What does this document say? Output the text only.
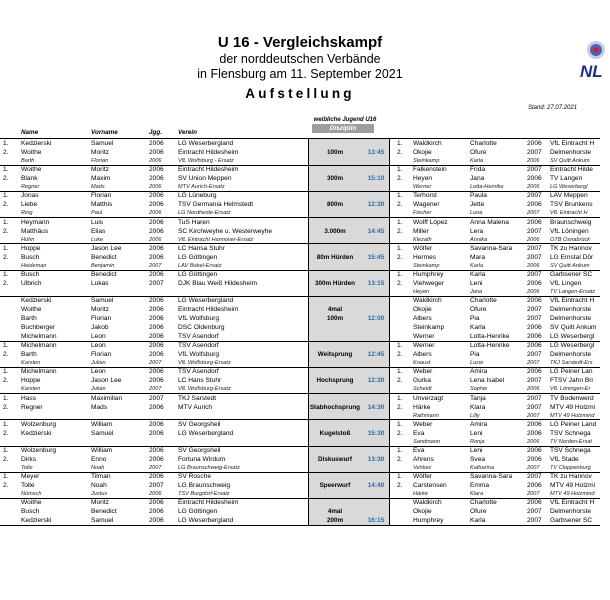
U 16 - Vergleichskampf
der norddeutschen Verbände
in Flensburg am 11. September 2021
Aufstellung
Stand: 27.07.2021
NL
weibliche Jugend U16
Disziplin
Name	Vorname	Jgg.	Verein
1. Kedzierski	Samuel	2006	LG Weserbergland	1. Waldkirch	Charlotte	2006	VfL Eintracht H
2. Woithe	Moritz	2006	Eintracht Hildesheim	2. Okojie	Ofure	2007	Delmenhorste
100m	13:45
Barth	Florian	2006	VfL Wolfsburg - Ersatz	Steinkamp	Karla	2006	SV Quitt Ankum
1. Woithe	Moritz	2006	Eintracht Hildesheim	1. Falkenstein	Frida	2007	Eintracht Hilde
2. Blank	Maxim	2006	SV Union Meppen	2. Heyen	Jana	2006	TV Langen
300m	15:10
Regner	Mads	2006	MTV Aurich-Ersatz	Werner	Lotta-Henrike	2006	LG Weserbergl
1. Jonas	Florian	2006	LG Lüneburg	1. Terhorst	Paula	2007	LAV Meppen
2. Liebe	Matthis	2006	TSV Germania Helmstedt	2. Wagener	Jette	2006	TSV Brunkens
800m	12:30
Ring	Paul	2006	LG Nordheide-Ersatz	Fischer	Luna	2007	VfL Eintracht H
1. Heymann	Luis	2006	TuS Haren	1. Wolff López	Anna Malena	2006	Braunschweig
2. Matthäus	Elias	2006	SC Kirchweyhe u. Westerweyhe	2. Miller	Lera	2007	VfL Löningen
3.000m	14:45
Hühn	Luke	2006	VfL Eintracht Hannover-Ersatz	Klezath	Annika	2006	OTB Osnabrück
1. Hoppe	Jason Lee	2006	LC Hansa Stuhr	1. Wölfer	Savanna-Sara	2007	TK zu Hannov
2. Busch	Benedict	2006	LG Göttingen	2. Hermes	Mara	2007	LG Emstal Dör
80m Hürden	15:45
Heideman	Benjamin	2007	LAV Bokel-Ersatz	Steinkamp	Karla	2006	SV Quitt Ankum
1. Busch	Benedict	2006	LG Göttingen	1. Humphrey	Karla	2007	Garbsener SC
2. Ulbrich	Lukas	2007	DJK Blau Weiß Hildesheim	2. Viehweger	Leni	2006	VfL Lingen
300m Hürden	13:15
Heyen	Jana	2006	TV Langen-Ersatz
Kedzierski	Samuel	2006	LG Weserbergland	Waldkirch	Charlotte	2006	VfL Eintracht H
Woithe	Moritz	2006	Eintracht Hildesheim	Okojie	Ofure	2007	Delmenhorste
4mal
Barth	Florian	2006	VfL Wolfsburg	Albers	Pia	2007	Delmenhorste
100m	12:00
Buchberger	Jakob	2006	DSC Oldenburg	Steinkamp	Karla	2006	SV Quitt Ankum
Michelmann	Leon	2006	TSV Asendorf	Werner	Lotta-Henrike	2006	LG Weserbergl
1. Michelmann	Leon	2006	TSV Asendorf	1. Werner	Lotta-Henrike	2006	LG Weserbergl
2. Barth	Florian	2006	VfL Wolfsburg	2. Albers	Pia	2007	Delmenhorste
Weitsprung	12:45
Karsten	Julian	2007	VfL Wolfsburg-Ersatz	Knaust	Lucie	2007	TKJ Sarstedt-Ers
1. Michelmann	Leon	2006	TSV Asendorf	1. Weber	Amira	2006	LG Peiner Lan
2. Hoppe	Jason Lee	2006	LC Hans Stuhr	2. Gurka	Lena Isabel	2007	FTSV Jahn Bri
Hochsprung	12:30
Karsten	Julian	2007	VfL Wolfsburg-Ersatz	Scheidt	Sophie	2006	VfL Löningen-Er
1. Hass	Maximilian	2007	TKJ Sarstedt	1. Unverzagt	Tanja	2007	TV Bodenwerd
2. Regner	Mads	2006	MTV Aurich	2. Härke	Klara	2007	MTV 49 Holzmi
Stabhochsprung	14:30
Rathmann	Lilly	2007	MTV 49 Holzmind
1. Wolzenburg	William	2006	SV Georgsheil	1. Weber	Amira	2006	LG Peiner Land
2. Kedzierski	Samuel	2006	LG Weserbergland	2. Eva	Leni	2006	TSV Schnega
Kugelstoß	15:30
Sandmann	Ronja	2006	TV Norden-Ersat
1. Wolzenburg	William	2006	SV Georgsheil	1. Eva	Leni	2006	TSV Schnega
2. Dirks	Enno	2006	Fortuna Wirdum	2. Ahrens	Svea	2006	VfL Stade
Diskuswurf	13:30
Tolle	Noah	2007	LG Braunschweig-Ersatz	Vehlow	Katharina	2007	TV Cloppenburg
1. Meyer	Tilman	2006	SV Rosche	1. Wölfer	Savanna-Sara	2007	TK zu Hannov
2. Tolle	Noah	2007	LG Braunschweig	2. Carstensen	Emma	2006	MTV 49 Holzmi
Speerwurf	14:40
Nümsch	Justus	2006	TSV Burgdorf-Ersatz	Härke	Klara	2007	MTV 49 Holzmind
Woithe	Moritz	2006	Eintracht Hildesheim	Waldkirch	Charlotte	2006	VfL Eintracht H
Busch	Benedict	2006	LG Göttingen	Okojie	Ofure	2007	Delmenhorste
4mal
Kedzierski	Samuel	2006	LG Weserbergland	Humphrey	Karla	2007	Garbsener SC
200m	16:15
